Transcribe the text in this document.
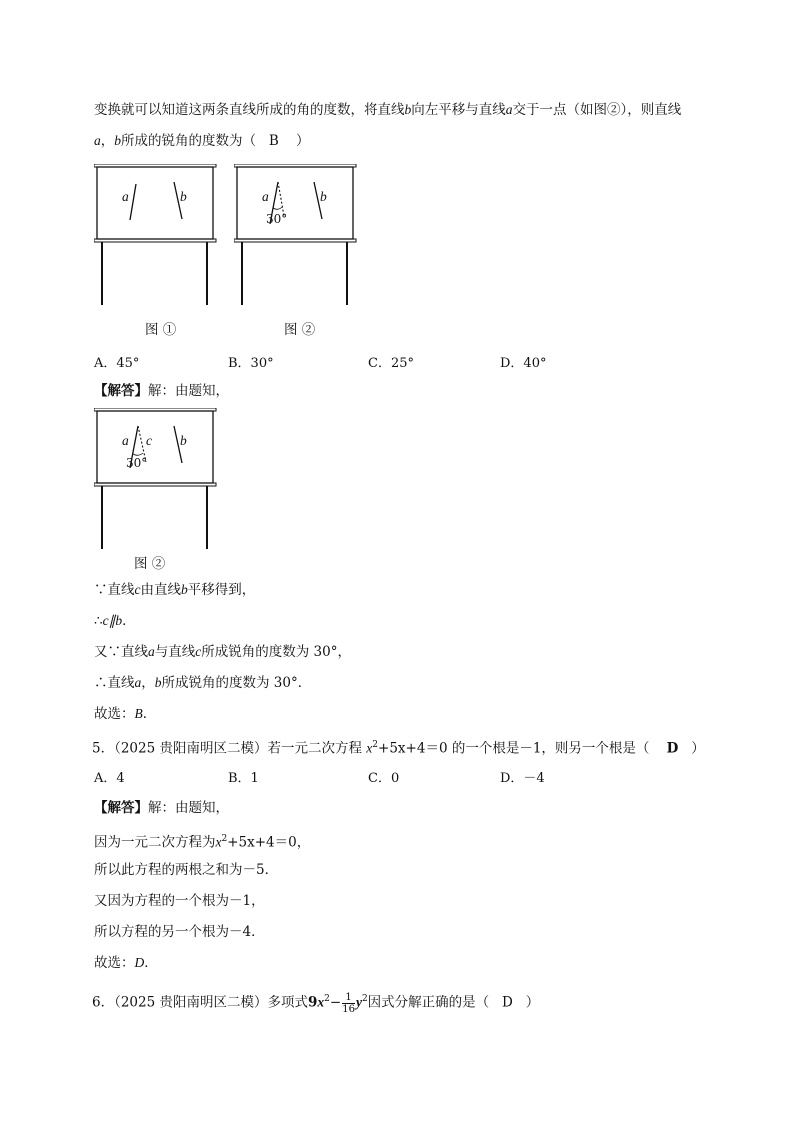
变换就可以知道这两条直线所成的角的度数，将直线b向左平移与直线a交于一点（如图②），则直线
a，b所成的锐角的度数为（ B ）
a	b
图 ①
a	b
30°
图 ②
A．45°	B．30°	C．25°	D．40°
【解答】解：由题知，
a c b
30°
图 ②
∵直线c由直线b平移得到，
∴c∥b．
又∵直线a与直线c所成锐角的度数为 30°，
∴直线a，b所成锐角的度数为 30°．
故选：B．
5．（2025 贵阳南明区二模）若一元二次方程 $x^2+5x+4=0$ 的一个根是－1，则另一个根是（ D ）
A．4	B．1	C．0	D．－4
【解答】解：由题知，
因为一元二次方程为$x^2+5x+4=0$，
所以此方程的两根之和为－5．
又因为方程的一个根为－1，
所以方程的另一个根为－4．
故选：D．
6．（2025 贵阳南明区二模）多项式$9x^2- \frac{1}{16} y^2$因式分解正确的是（ D ）
